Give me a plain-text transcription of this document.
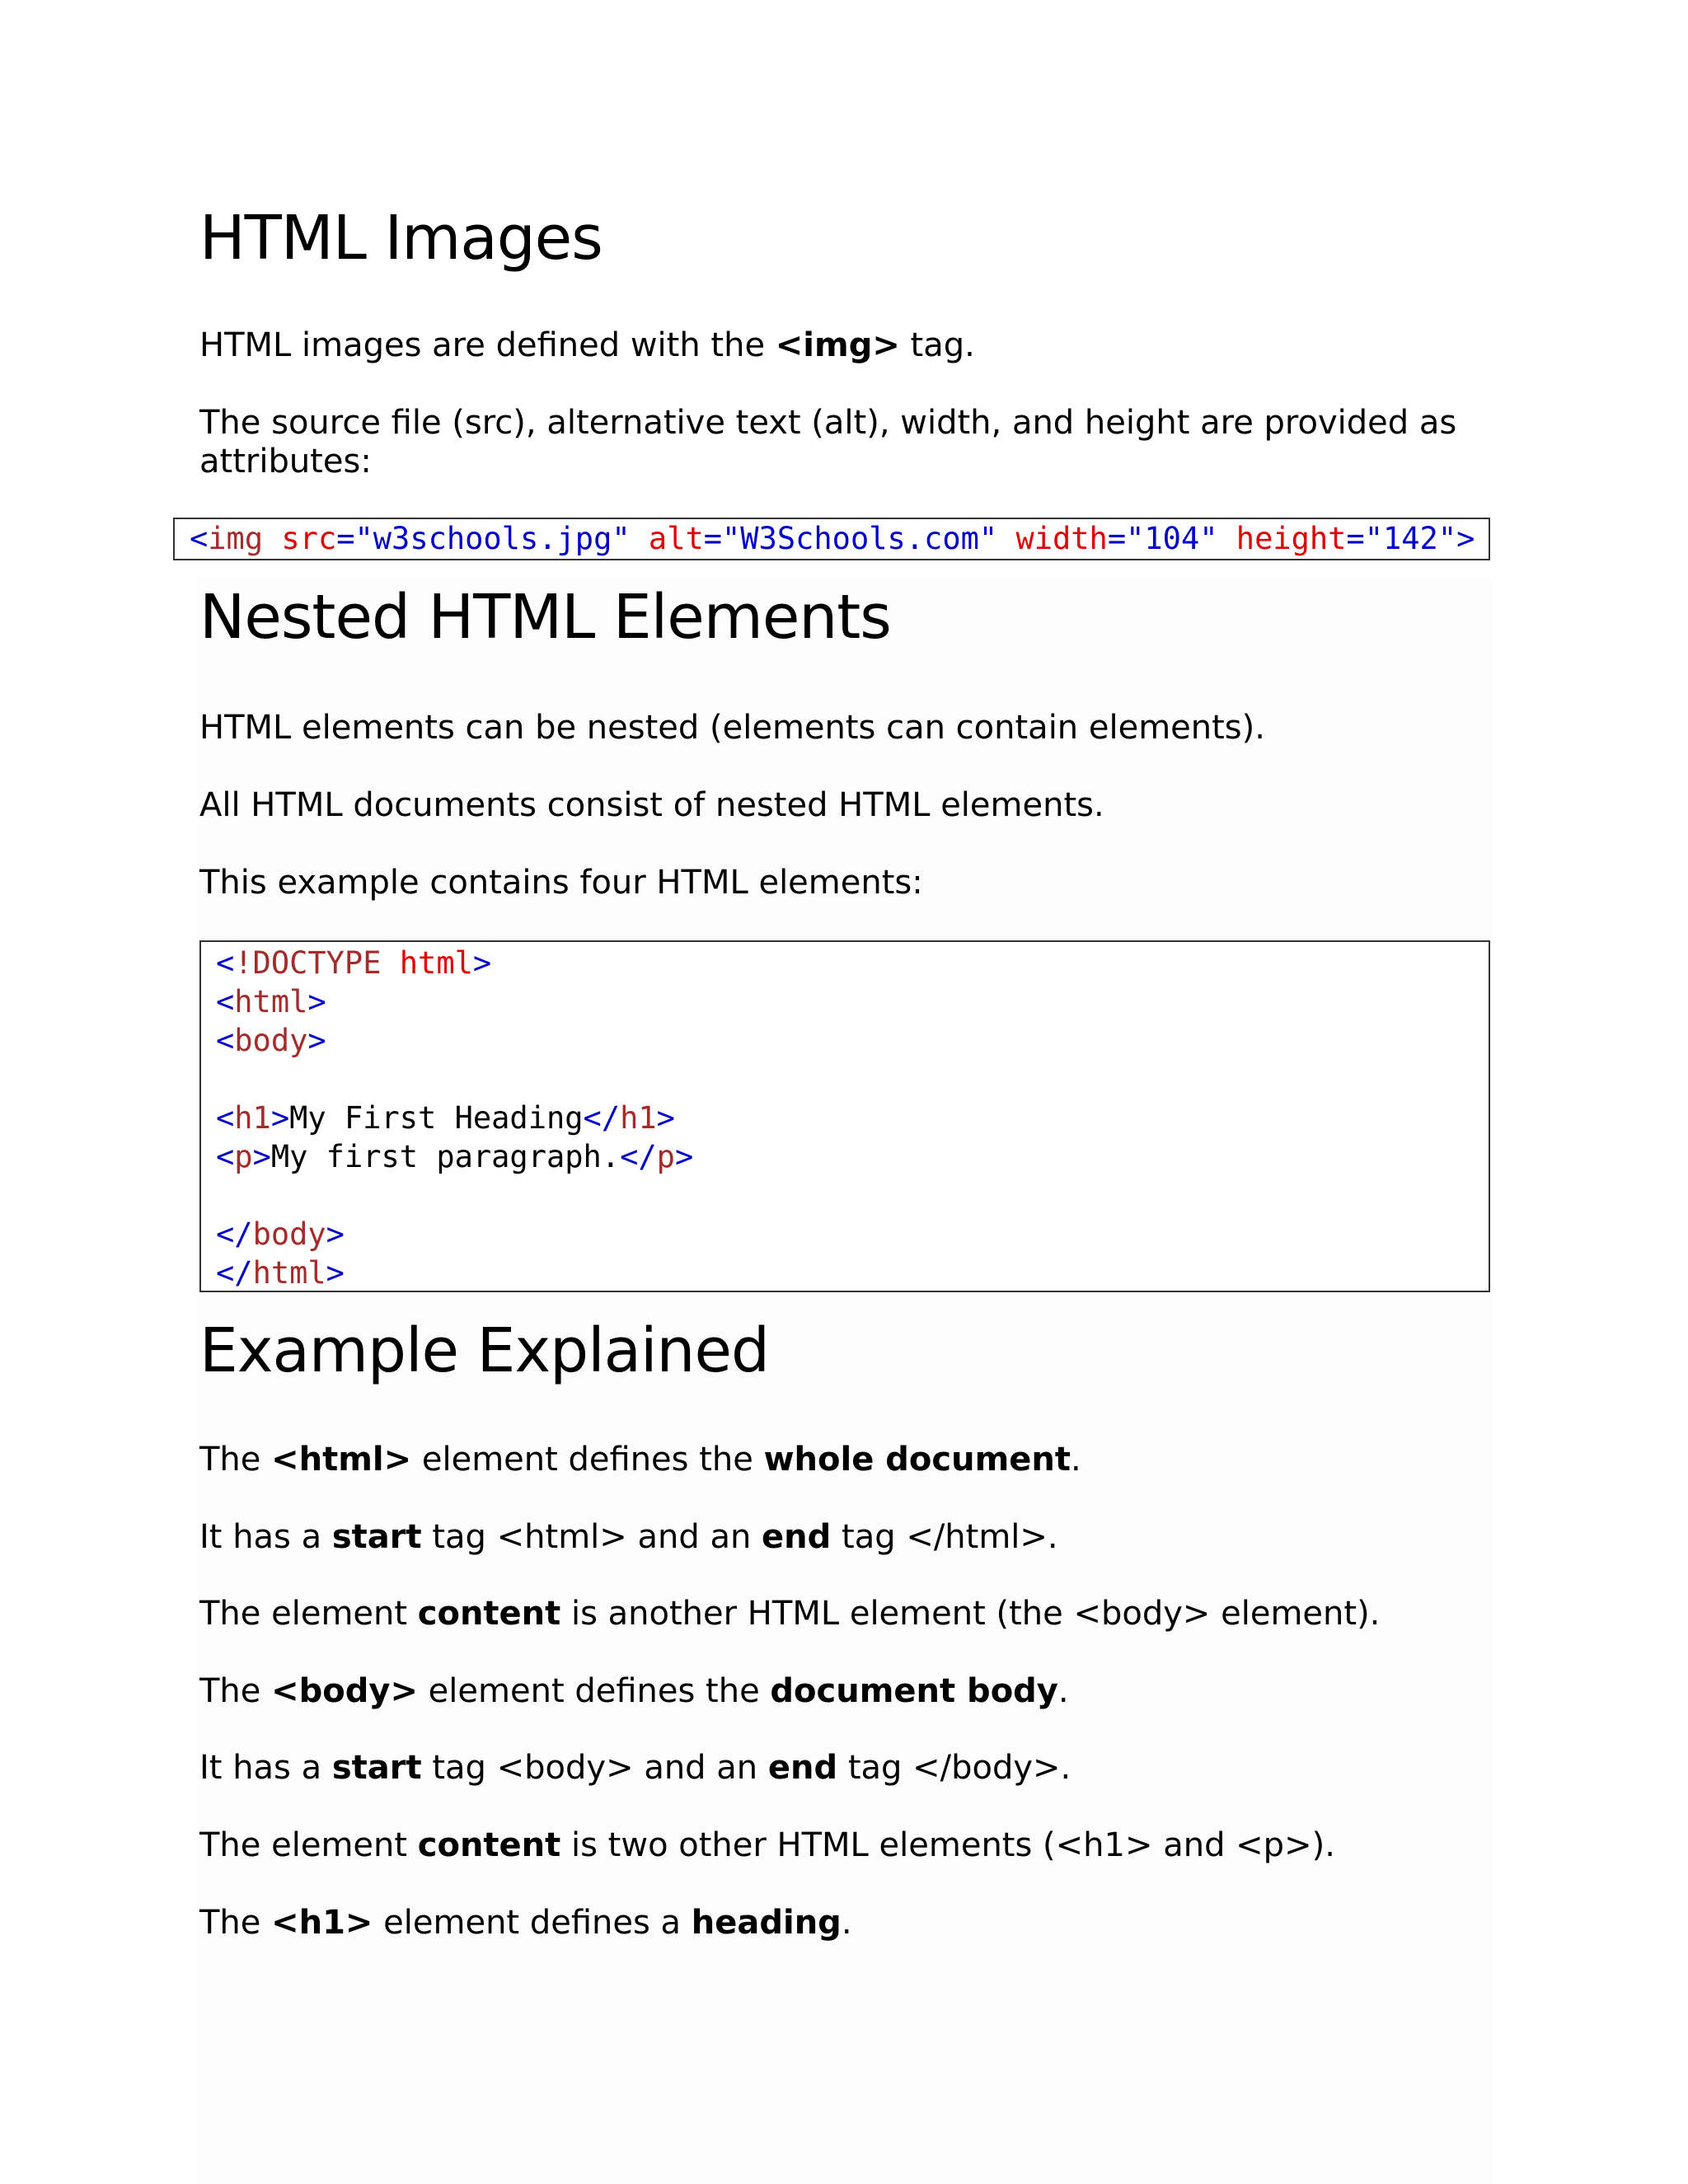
HTML Images

HTML images are defined with the <img> tag.

The source file (src), alternative text (alt), width, and height are provided as
attributes:

<img src="w3schools.jpg" alt="W3Schools.com" width="104" height="142">
Nested HTML Elements

HTML elements can be nested (elements can contain elements).

All HTML documents consist of nested HTML elements.

This example contains four HTML elements:

<!DOCTYPE html>
<html>
<body>

<h1>My First Heading</h1>
<p>My first paragraph.</p>

</body>
</html>
Example Explained

The <html> element defines the whole document.

It has a start tag <html> and an end tag </html>.

The element content is another HTML element (the <body> element).

The <body> element defines the document body.

It has a start tag <body> and an end tag </body>.

The element content is two other HTML elements (<h1> and <p>).

The <h1> element defines a heading.
